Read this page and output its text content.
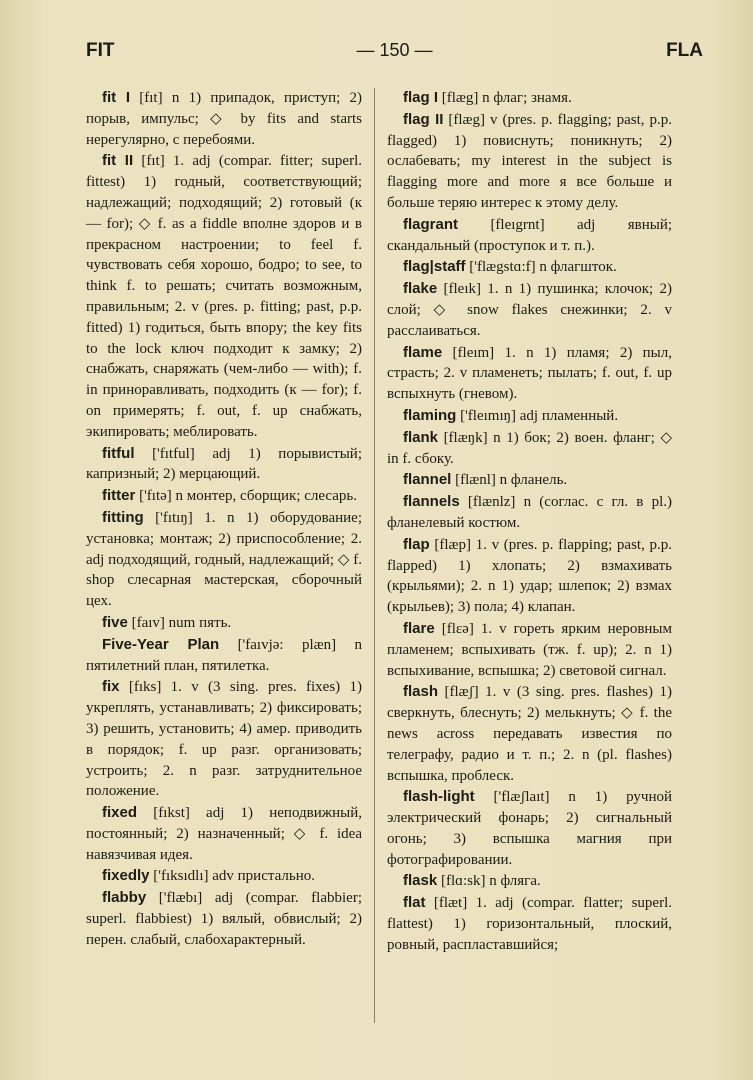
FIT	— 150 —	FLA

fit I [fıt] n 1) припадок, приступ; 2) порыв, импульс; ◇ by fits and starts нерегулярно, с перебоями.

fit II [fıt] 1. adj (compar. fitter; superl. fittest) 1) годный, соответствующий; надлежащий; подходящий; 2) готовый (к — for); ◇ f. as a fiddle вполне здоров и в прекрасном настроении; to feel f. чувствовать себя хорошо, бодро; to see, to think f. to решать; считать возможным, правильным; 2. v (pres. p. fitting; past, p.p. fitted) 1) годиться, быть впору; the key fits to the lock ключ подходит к замку; 2) снабжать, снаряжать (чем-либо — with); f. in приноравливать, подходить (к — for); f. on примерять; f. out, f. up снабжать, экипировать; меблировать.

fitful ['fıtful] adj 1) порывистый; капризный; 2) мерцающий.

fitter ['fıtə] n монтер, сборщик; слесарь.

fitting ['fıtıŋ] 1. n 1) оборудование; установка; монтаж; 2) приспособление; 2. adj подходящий, годный, надлежащий; ◇ f. shop слесарная мастерская, сборочный цех.

five [faıv] num пять.

Five-Year Plan ['faıvjə: plæn] n пятилетний план, пятилетка.

fix [fıks] 1. v (3 sing. pres. fixes) 1) укреплять, устанавливать; 2) фиксировать; 3) решить, установить; 4) амер. приводить в порядок; f. up разг. организовать; устроить; 2. n разг. затруднительное положение.

fixed [fıkst] adj 1) неподвижный, постоянный; 2) назначенный; ◇ f. idea навязчивая идея.

fixedly ['fıksıdlı] adv пристально.

flabby ['flæbı] adj (compar. flabbier; superl. flabbiest) 1) вялый, обвислый; 2) перен. слабый, слабохарактерный.

flag I [flæg] n флаг; знамя.

flag II [flæg] v (pres. p. flagging; past, p.p. flagged) 1) повиснуть; поникнуть; 2) ослабевать; my interest in the subject is flagging more and more я все больше и больше теряю интерес к этому делу.

flagrant [fleıgrnt] adj явный; скандальный (проступок и т. п.).

flag|staff ['flægstɑ:f] n флагшток.

flake [fleık] 1. n 1) пушинка; клочок; 2) слой; ◇ snow flakes снежинки; 2. v расслаиваться.

flame [fleım] 1. n 1) пламя; 2) пыл, страсть; 2. v пламенеть; пылать; f. out, f. up вспыхнуть (гневом).

flaming ['fleımıŋ] adj пламенный.

flank [flæŋk] n 1) бок; 2) воен. фланг; ◇ in f. сбоку.

flannel [flænl] n фланель.

flannels [flænlz] n (соглас. с гл. в pl.) фланелевый костюм.

flap [flæp] 1. v (pres. p. flapping; past, p.p. flapped) 1) хлопать; 2) взмахивать (крыльями); 2. n 1) удар; шлепок; 2) взмах (крыльев); 3) пола; 4) клапан.

flare [flɛə] 1. v гореть ярким неровным пламенем; вспыхивать (тж. f. up); 2. n 1) вспыхивание, вспышка; 2) световой сигнал.

flash [flæʃ] 1. v (3 sing. pres. flashes) 1) сверкнуть, блеснуть; 2) мелькнуть; ◇ f. the news across передавать известия по телеграфу, радио и т. п.; 2. n (pl. flashes) вспышка, проблеск.

flash-light ['flæʃlaıt] n 1) ручной электрический фонарь; 2) сигнальный огонь; 3) вспышка магния при фотографировании.

flask [flɑ:sk] n фляга.

flat [flæt] 1. adj (compar. flatter; superl. flattest) 1) горизонтальный, плоский, ровный, распластавшийся;
